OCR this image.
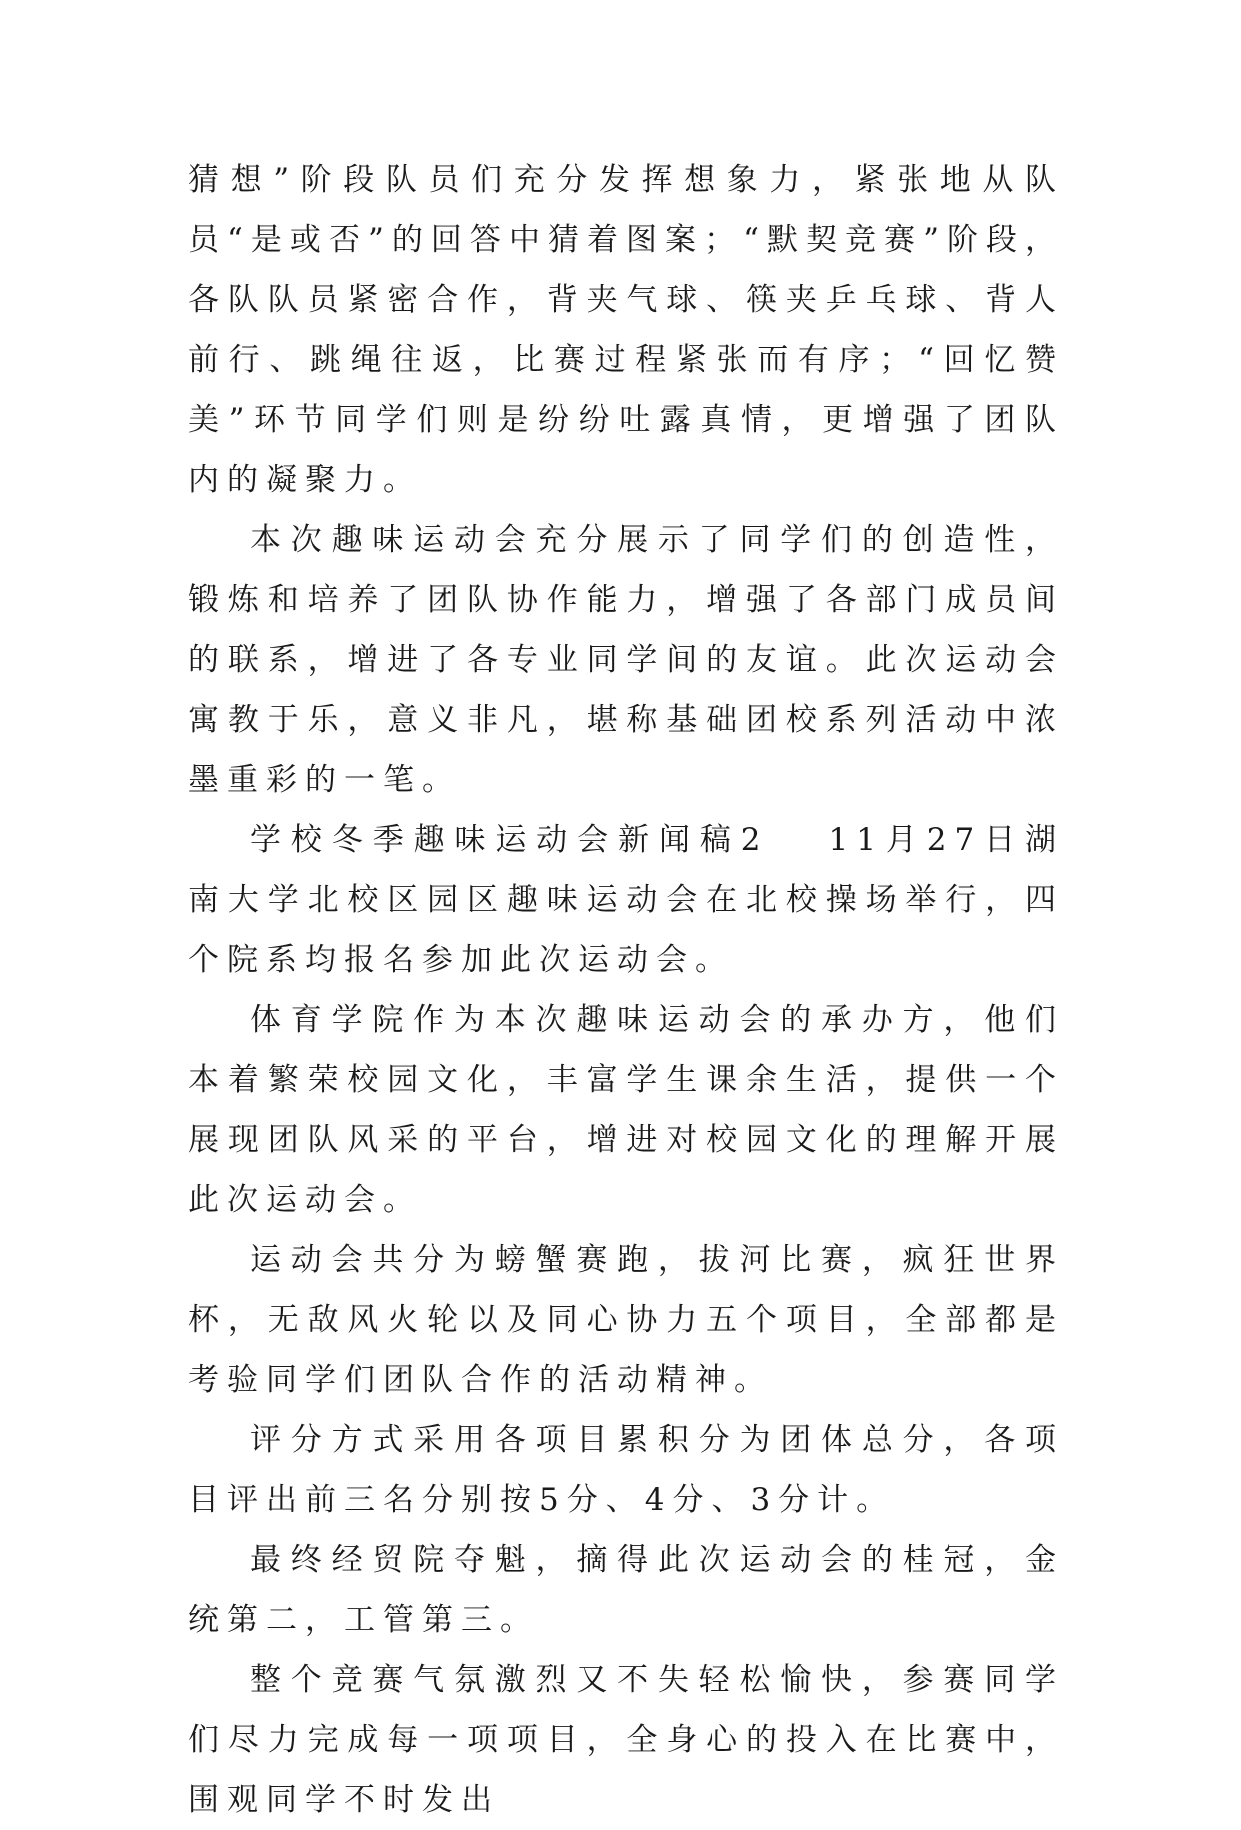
猜想”阶段队员们充分发挥想象力，紧张地从队员“是或否”的回答中猜着图案；“默契竞赛”阶段，各队队员紧密合作，背夹气球、筷夹乒乓球、背人前行、跳绳往返，比赛过程紧张而有序；“回忆赞美”环节同学们则是纷纷吐露真情，更增强了团队内的凝聚力。

本次趣味运动会充分展示了同学们的创造性，锻炼和培养了团队协作能力，增强了各部门成员间的联系，增进了各专业同学间的友谊。此次运动会寓教于乐，意义非凡，堪称基础团校系列活动中浓墨重彩的一笔。

学校冬季趣味运动会新闻稿2 11月27日湖南大学北校区园区趣味运动会在北校操场举行，四个院系均报名参加此次运动会。

体育学院作为本次趣味运动会的承办方，他们本着繁荣校园文化，丰富学生课余生活，提供一个展现团队风采的平台，增进对校园文化的理解开展此次运动会。

运动会共分为螃蟹赛跑，拔河比赛，疯狂世界杯，无敌风火轮以及同心协力五个项目，全部都是考验同学们团队合作的活动精神。

评分方式采用各项目累积分为团体总分，各项目评出前三名分别按5分、4分、3分计。

最终经贸院夺魁，摘得此次运动会的桂冠，金统第二，工管第三。

整个竞赛气氛激烈又不失轻松愉快，参赛同学们尽力完成每一项项目，全身心的投入在比赛中，围观同学不时发出
